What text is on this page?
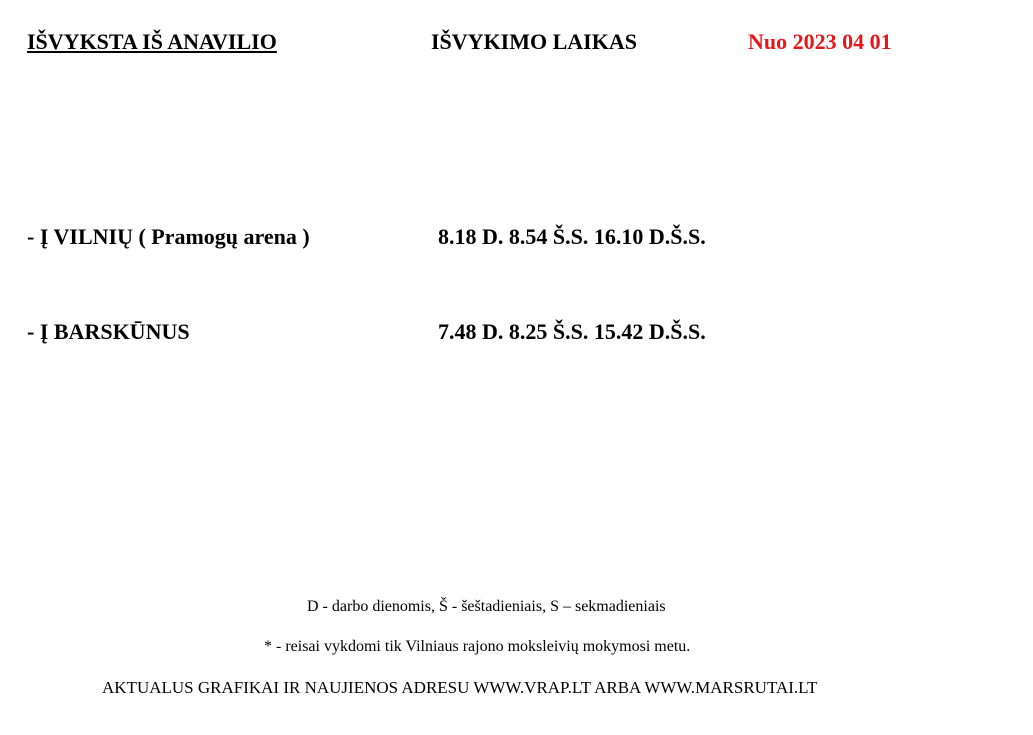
IŠVYKSTA IŠ ANAVILIO	IŠVYKIMO LAIKAS	Nuo 2023 04 01
- Į VILNIŲ ( Pramogų arena )	8.18 D. 8.54 Š.S. 16.10 D.Š.S.
- Į BARSKŪNUS	7.48 D. 8.25 Š.S. 15.42 D.Š.S.
D - darbo dienomis, Š - šeštadieniais, S – sekmadieniais
* - reisai vykdomi tik Vilniaus rajono moksleivių mokymosi metu.
AKTUALUS GRAFIKAI IR NAUJIENOS ADRESU WWW.VRAP.LT ARBA WWW.MARSRUTAI.LT
